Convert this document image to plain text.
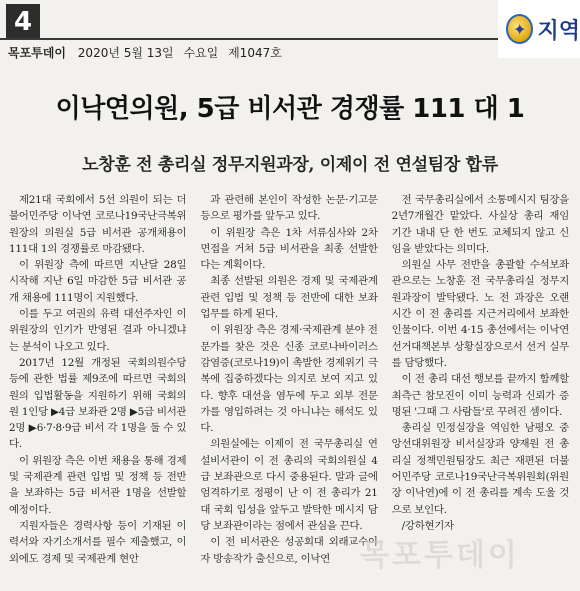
4
목포투데이 2020년 5월 13일 수요일 제1047호
✦ 지역
이낙연의원, 5급 비서관 경쟁률 111 대 1
노창훈 전 총리실 정무지원과장, 이제이 전 연설팀장 합류

제21대 국회에서 5선 의원이 되는 더불어민주당 이낙연 코로나19국난극복위원장의 의원실 5급 비서관 공개채용이 111대 1의 경쟁률로 마감됐다.

이 위원장 측에 따르면 지난달 28일 시작해 지난 6일 마감한 5급 비서관 공개 채용에 111명이 지원했다.

이를 두고 여권의 유력 대선주자인 이 위원장의 인기가 반영된 결과 아니겠냐는 분석이 나오고 있다.

2017년 12월 개정된 국회의원수당 등에 관한 법률 제9조에 따르면 국회의원의 입법활동을 지원하기 위해 국회의원 1인당 ▶4급 보좌관 2명 ▶5급 비서관 2명 ▶6·7·8·9급 비서 각 1명을 둘 수 있다.

이 위원장 측은 이번 채용을 통해 경제 및 국제관계 관련 입법 및 정책 등 전반을 보좌하는 5급 비서관 1명을 선발할 예정이다.

지원자들은 경력사항 등이 기재된 이력서와 자기소개서를 필수 제출했고, 이외에도 경제 및 국제관계 현안

과 관련해 본인이 작성한 논문·기고문 등으로 평가를 앞두고 있다.

이 위원장 측은 1차 서류심사와 2차 면접을 거쳐 5급 비서관을 최종 선발한다는 계획이다.

최종 선발된 의원은 경제 및 국제관계 관련 입법 및 정책 등 전반에 대한 보좌 업무를 하게 된다.

이 위원장 측은 경제·국제관계 분야 전문가를 찾은 것은 신종 코로나바이러스 감염증(코로나19)이 촉발한 경제위기 극복에 집중하겠다는 의지로 보여 지고 있다. 향후 대선을 염두에 두고 외부 전문가를 영입하려는 것 아니냐는 해석도 있다.

의원실에는 이제이 전 국무총리실 연설비서관이 이 전 총리의 국회의원실 4급 보좌관으로 다시 중용된다. 말과 글에 엄격하기로 정평이 난 이 전 총리가 21대 국회 입성을 앞두고 발탁한 메시지 담당 보좌관이라는 점에서 관심을 끈다.

이 전 비서관은 성공회대 외래교수이자 방송작가 출신으로, 이낙연

전 국무총리실에서 소통메시지 팀장을 2년7개월간 맡았다. 사실상 총리 재임 기간 내내 단 한 번도 교체되지 않고 신임을 받았다는 의미다.

의원실 사무 전반을 총괄할 수석보좌관으로는 노창훈 전 국무총리실 정무지원과장이 발탁됐다. 노 전 과장은 오랜 시간 이 전 총리를 지근거리에서 보좌한 인물이다. 이번 4·15 총선에서는 이낙연 선거대책본부 상황실장으로서 선거 실무를 담당했다.

이 전 총리 대선 행보를 끝까지 함께할 최측근 참모진이 이미 능력과 신뢰가 증명된 '그때 그 사람들'로 꾸려진 셈이다.

총리실 민정실장을 역임한 남평오 중앙선대위원장 비서실장과 양재원 전 총리실 정책민원팀장도 최근 재편된 더불어민주당 코로나19국난극복위원회(위원장 이낙연)에 이 전 총리를 계속 도울 것으로 보인다.

/강하현기자

목포투데이
